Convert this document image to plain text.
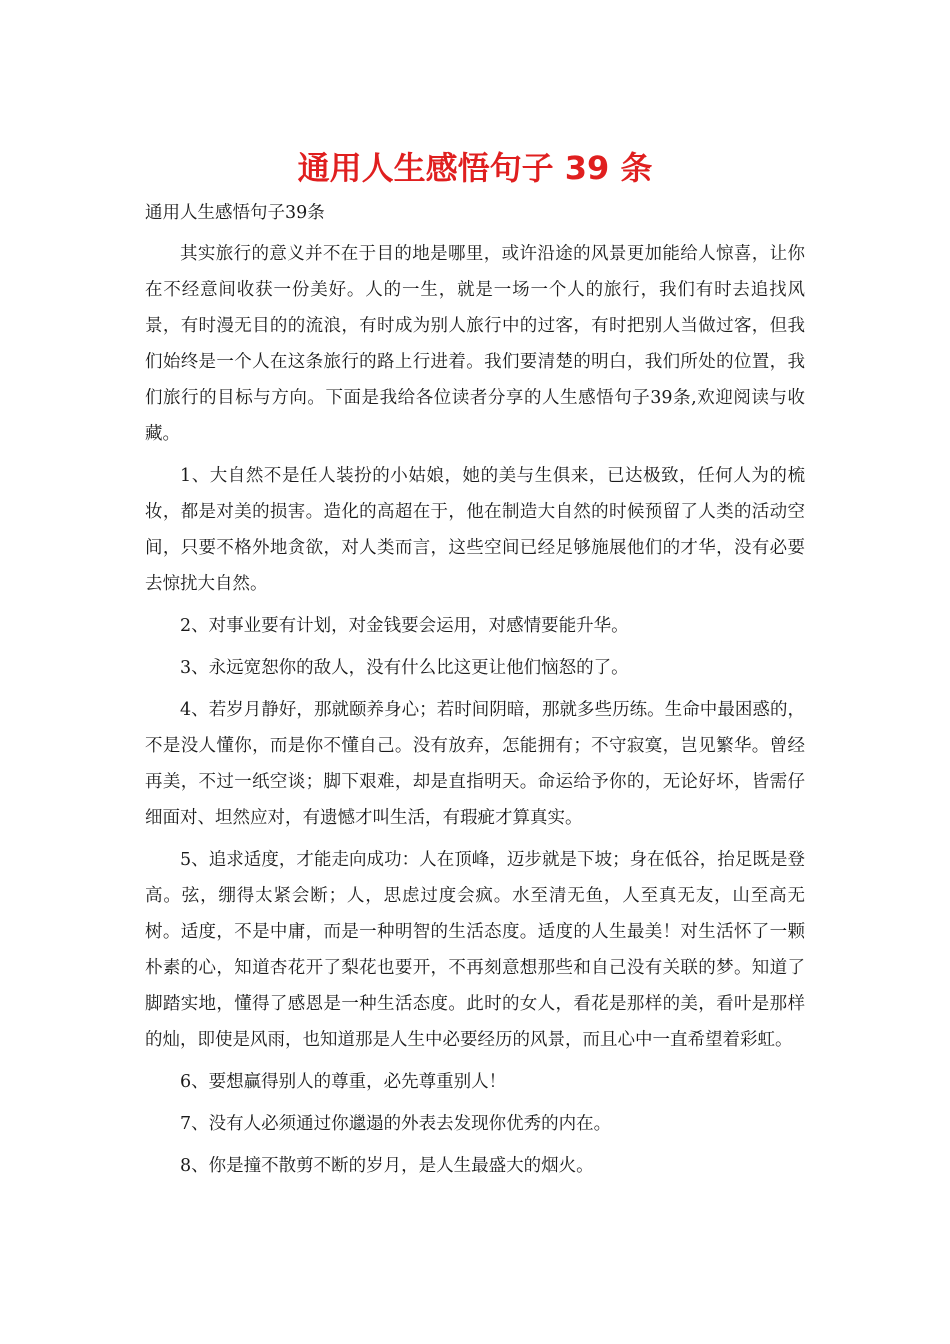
通用人生感悟句子 39 条

通用人生感悟句子39条

其实旅行的意义并不在于目的地是哪里，或许沿途的风景更加能给人惊喜，让你在不经意间收获一份美好。人的一生，就是一场一个人的旅行，我们有时去追找风景，有时漫无目的的流浪，有时成为别人旅行中的过客，有时把别人当做过客，但我们始终是一个人在这条旅行的路上行进着。我们要清楚的明白，我们所处的位置，我们旅行的目标与方向。下面是我给各位读者分享的人生感悟句子39条,欢迎阅读与收藏。

1、大自然不是任人装扮的小姑娘，她的美与生俱来，已达极致，任何人为的梳妆，都是对美的损害。造化的高超在于，他在制造大自然的时候预留了人类的活动空间，只要不格外地贪欲，对人类而言，这些空间已经足够施展他们的才华，没有必要去惊扰大自然。

2、对事业要有计划，对金钱要会运用，对感情要能升华。

3、永远宽恕你的敌人，没有什么比这更让他们恼怒的了。

4、若岁月静好，那就颐养身心；若时间阴暗，那就多些历练。生命中最困惑的，不是没人懂你，而是你不懂自己。没有放弃，怎能拥有；不守寂寞，岂见繁华。曾经再美，不过一纸空谈；脚下艰难，却是直指明天。命运给予你的，无论好坏，皆需仔细面对、坦然应对，有遗憾才叫生活，有瑕疵才算真实。

5、追求适度，才能走向成功：人在顶峰，迈步就是下坡；身在低谷，抬足既是登高。弦，绷得太紧会断；人，思虑过度会疯。水至清无鱼，人至真无友，山至高无树。适度，不是中庸，而是一种明智的生活态度。适度的人生最美！对生活怀了一颗朴素的心，知道杏花开了梨花也要开，不再刻意想那些和自己没有关联的梦。知道了脚踏实地，懂得了感恩是一种生活态度。此时的女人，看花是那样的美，看叶是那样的灿，即使是风雨，也知道那是人生中必要经历的风景，而且心中一直希望着彩虹。

6、要想赢得别人的尊重，必先尊重别人！

7、没有人必须通过你邋遢的外表去发现你优秀的内在。

8、你是撞不散剪不断的岁月，是人生最盛大的烟火。
